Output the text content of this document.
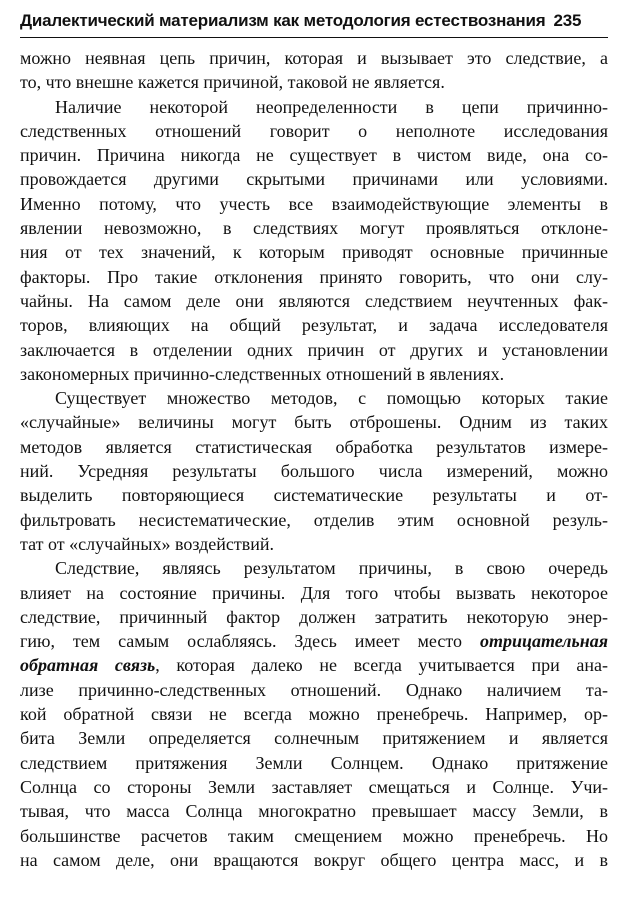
Диалектический материализм как методология естествознания 235
можно неявная цепь причин, которая и вызывает это следствие, а
то, что внешне кажется причиной, таковой не является.
Наличие некоторой неопределенности в цепи причинно-
следственных отношений говорит о неполноте исследования
причин. Причина никогда не существует в чистом виде, она со-
провождается другими скрытыми причинами или условиями.
Именно потому, что учесть все взаимодействующие элементы в
явлении невозможно, в следствиях могут проявляться отклоне-
ния от тех значений, к которым приводят основные причинные
факторы. Про такие отклонения принято говорить, что они слу-
чайны. На самом деле они являются следствием неучтенных фак-
торов, влияющих на общий результат, и задача исследователя
заключается в отделении одних причин от других и установлении
закономерных причинно-следственных отношений в явлениях.
Существует множество методов, с помощью которых такие
«случайные» величины могут быть отброшены. Одним из таких
методов является статистическая обработка результатов измере-
ний. Усредняя результаты большого числа измерений, можно
выделить повторяющиеся систематические результаты и от-
фильтровать несистематические, отделив этим основной резуль-
тат от «случайных» воздействий.
Следствие, являясь результатом причины, в свою очередь
влияет на состояние причины. Для того чтобы вызвать некоторое
следствие, причинный фактор должен затратить некоторую энер-
гию, тем самым ослабляясь. Здесь имеет место отрицательная
обратная связь, которая далеко не всегда учитывается при ана-
лизе причинно-следственных отношений. Однако наличием та-
кой обратной связи не всегда можно пренебречь. Например, ор-
бита Земли определяется солнечным притяжением и является
следствием притяжения Земли Солнцем. Однако притяжение
Солнца со стороны Земли заставляет смещаться и Солнце. Учи-
тывая, что масса Солнца многократно превышает массу Земли, в
большинстве расчетов таким смещением можно пренебречь. Но
на самом деле, они вращаются вокруг общего центра масс, и в
